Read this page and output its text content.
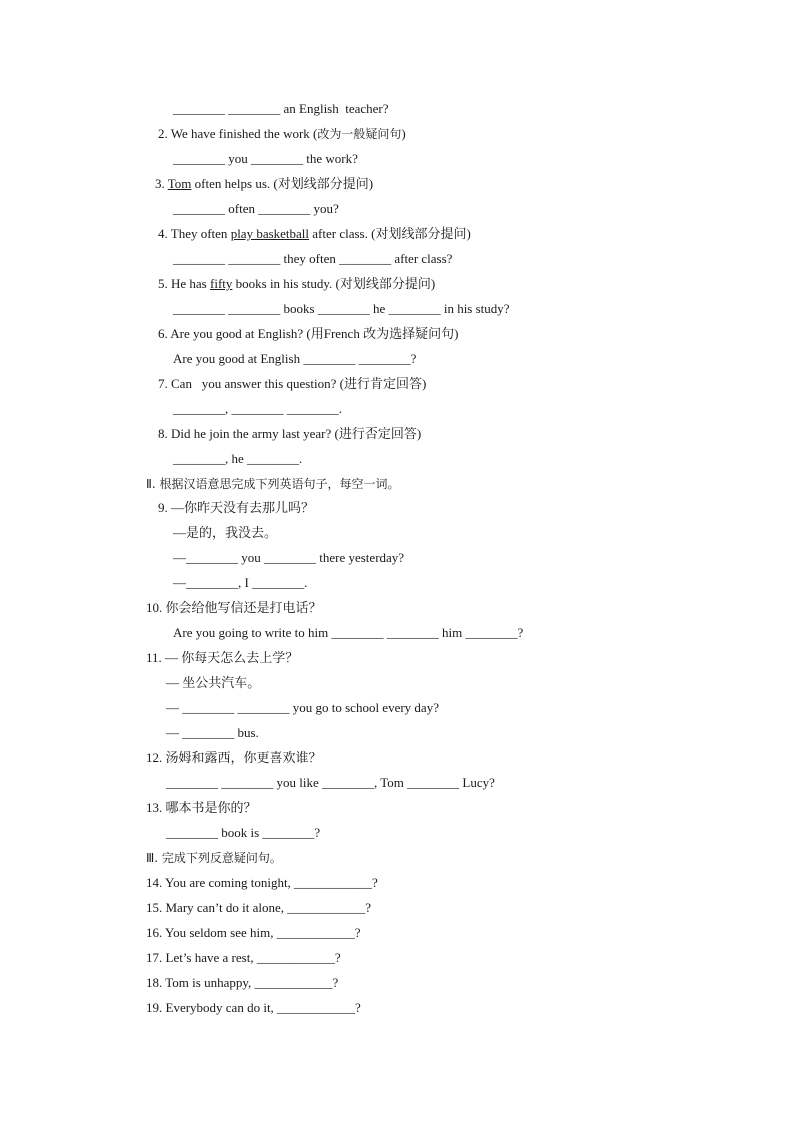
________ ________ an English  teacher?
2. We have finished the work (改为一般疑问句)
________ you ________ the work?
3. Tom often helps us. (对划线部分提问)
________ often ________ you?
4. They often play basketball after class. (对划线部分提问)
________ ________ they often ________ after class?
5. He has fifty books in his study. (对划线部分提问)
________ ________ books ________ he ________ in his study?
6. Are you good at English? (用French 改为选择疑问句)
Are you good at English ________ ________?
7. Can   you answer this question? (进行肯定回答)
________, ________ ________.
8. Did he join the army last year? (进行否定回答)
________, he ________.
Ⅱ. 根据汉语意思完成下列英语句子，每空一词。
9. —你昨天没有去那儿吗？
—是的，我没去。
—________ you ________ there yesterday?
—________, I ________.
10. 你会给他写信还是打电话？
Are you going to write to him ________ ________ him ________?
11. — 你每天怎么去上学？
— 坐公共汽车。
— ________ ________ you go to school every day?
— ________ bus.
12. 汤姆和露西，你更喜欢谁？
________ ________ you like ________, Tom ________ Lucy?
13. 哪本书是你的？
________ book is ________?
Ⅲ. 完成下列反意疑问句。
14. You are coming tonight, ____________?
15. Mary can’t do it alone, ____________?
16. You seldom see him, ____________?
17. Let’s have a rest, ____________?
18. Tom is unhappy, ____________?
19. Everybody can do it, ____________?
